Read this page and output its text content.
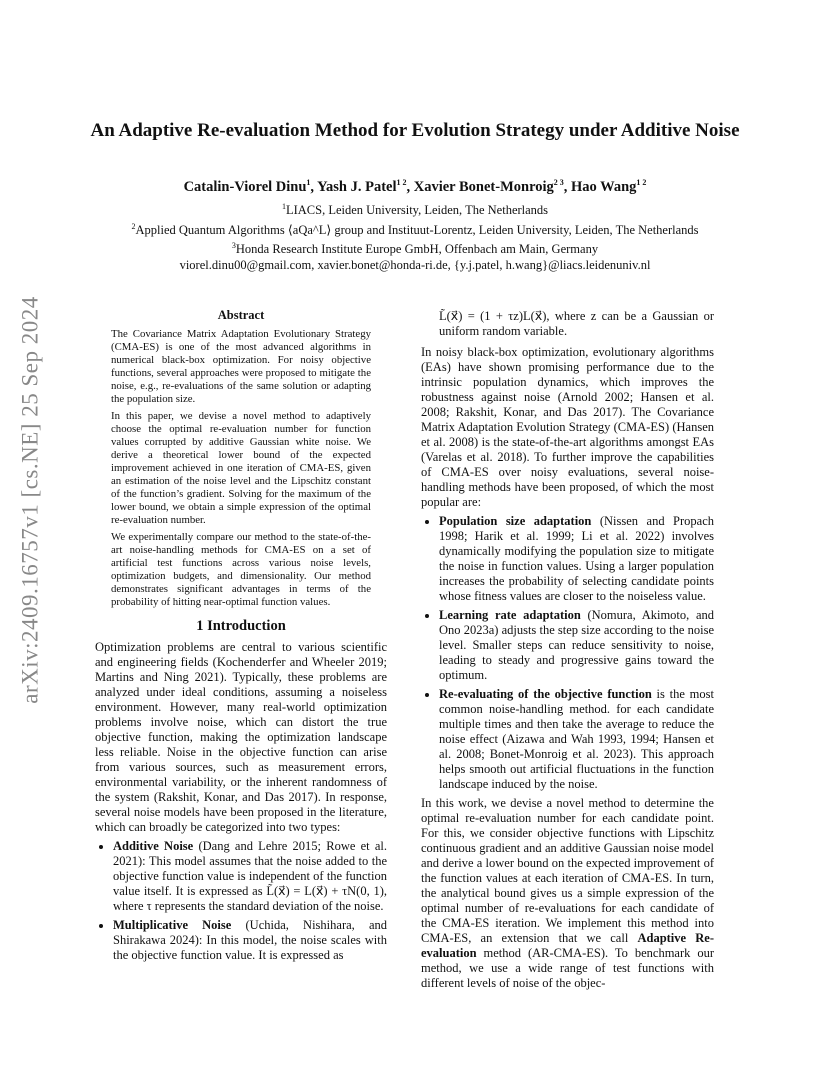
arXiv:2409.16757v1 [cs.NE] 25 Sep 2024
An Adaptive Re-evaluation Method for Evolution Strategy under Additive Noise
Catalin-Viorel Dinu$^1$, Yash J. Patel$^{1 2}$, Xavier Bonet-Monroig$^{2 3}$, Hao Wang$^{1 2}$
$^1$LIACS, Leiden University, Leiden, The Netherlands
$^2$Applied Quantum Algorithms ⟨aQa^L⟩ group and Instituut-Lorentz, Leiden University, Leiden, The Netherlands
$^3$Honda Research Institute Europe GmbH, Offenbach am Main, Germany
viorel.dinu00@gmail.com, xavier.bonet@honda-ri.de, {y.j.patel, h.wang}@liacs.leidenuniv.nl
Abstract

The Covariance Matrix Adaptation Evolutionary Strategy (CMA-ES) is one of the most advanced algorithms in numerical black-box optimization. For noisy objective functions, several approaches were proposed to mitigate the noise, e.g., re-evaluations of the same solution or adapting the population size.

In this paper, we devise a novel method to adaptively choose the optimal re-evaluation number for function values corrupted by additive Gaussian white noise. We derive a theoretical lower bound of the expected improvement achieved in one iteration of CMA-ES, given an estimation of the noise level and the Lipschitz constant of the function’s gradient. Solving for the maximum of the lower bound, we obtain a simple expression of the optimal re-evaluation number.

We experimentally compare our method to the state-of-the-art noise-handling methods for CMA-ES on a set of artificial test functions across various noise levels, optimization budgets, and dimensionality. Our method demonstrates significant advantages in terms of the probability of hitting near-optimal function values.

1 Introduction

Optimization problems are central to various scientific and engineering fields (Kochenderfer and Wheeler 2019; Martins and Ning 2021). Typically, these problems are analyzed under ideal conditions, assuming a noiseless environment. However, many real-world optimization problems involve noise, which can distort the true objective function, making the optimization landscape less reliable. Noise in the objective function can arise from various sources, such as measurement errors, environmental variability, or the inherent randomness of the system (Rakshit, Konar, and Das 2017). In response, several noise models have been proposed in the literature, which can broadly be categorized into two types:

• Additive Noise (Dang and Lehre 2015; Rowe et al. 2021): This model assumes that the noise added to the objective function value is independent of the function value itself. It is expressed as L̃(x⃗) = L(x⃗) + τN(0, 1), where τ represents the standard deviation of the noise.
• Multiplicative Noise (Uchida, Nishihara, and Shirakawa 2024): In this model, the noise scales with the objective function value. It is expressed as

L̃(x⃗) = (1 + τz)L(x⃗), where z can be a Gaussian or uniform random variable.

In noisy black-box optimization, evolutionary algorithms (EAs) have shown promising performance due to the intrinsic population dynamics, which improves the robustness against noise (Arnold 2002; Hansen et al. 2008; Rakshit, Konar, and Das 2017). The Covariance Matrix Adaptation Evolution Strategy (CMA-ES) (Hansen et al. 2008) is the state-of-the-art algorithms amongst EAs (Varelas et al. 2018). To further improve the capabilities of CMA-ES over noisy evaluations, several noise-handling methods have been proposed, of which the most popular are:

• Population size adaptation (Nissen and Propach 1998; Harik et al. 1999; Li et al. 2022) involves dynamically modifying the population size to mitigate the noise in function values. Using a larger population increases the probability of selecting candidate points whose fitness values are closer to the noiseless value.
• Learning rate adaptation (Nomura, Akimoto, and Ono 2023a) adjusts the step size according to the noise level. Smaller steps can reduce sensitivity to noise, leading to steady and progressive gains toward the optimum.
• Re-evaluating of the objective function is the most common noise-handling method. for each candidate multiple times and then take the average to reduce the noise effect (Aizawa and Wah 1993, 1994; Hansen et al. 2008; Bonet-Monroig et al. 2023). This approach helps smooth out artificial fluctuations in the function landscape induced by the noise.

In this work, we devise a novel method to determine the optimal re-evaluation number for each candidate point. For this, we consider objective functions with Lipschitz continuous gradient and an additive Gaussian noise model and derive a lower bound on the expected improvement of the function values at each iteration of CMA-ES. In turn, the analytical bound gives us a simple expression of the optimal number of re-evaluations for each candidate of the CMA-ES iteration. We implement this method into CMA-ES, an extension that we call Adaptive Re-evaluation method (AR-CMA-ES). To benchmark our method, we use a wide range of test functions with different levels of noise of the objec-
